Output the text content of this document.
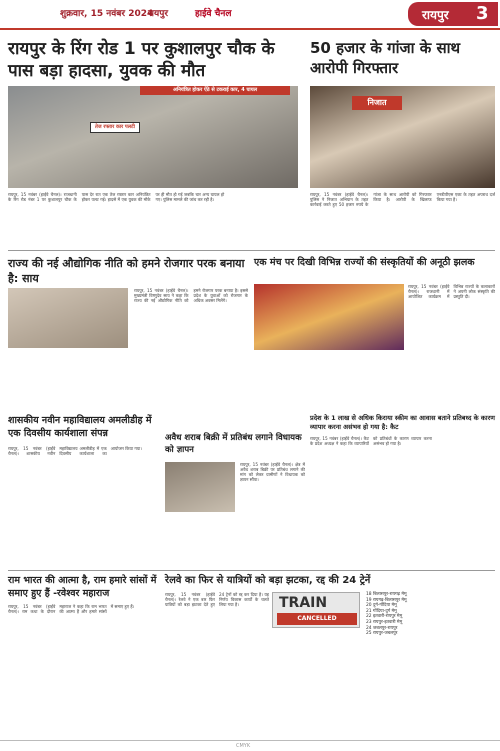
शुक्रवार, 15 नवंबर 2024
रायपुर	हाईवे चैनल	रायपुर 3
रायपुर के रिंग रोड 1 पर कुशालपुर चौक के पास बड़ा हादसा, युवक की मौत
अनियंत्रित होकर ऐंठे से टकराई कार, 4 घायल
तेज रफ्तार कार पलटी
रायपुर, 15 नवंबर (हाईवे चैनल)। राजधानी के रिंग रोड नंबर 1 पर कुशालपुर चौक के पास देर रात एक तेज रफ्तार कार अनियंत्रित होकर पलट गई। हादसे में एक युवक की मौके पर ही मौत हो गई जबकि चार अन्य घायल हो गए। पुलिस मामले की जांच कर रही है।
50 हजार के गांजा के साथ आरोपी गिरफ्तार
निजात
रायपुर, 15 नवंबर (हाईवे चैनल)। पुलिस ने निजात अभियान के तहत कार्रवाई करते हुए 50 हजार रुपये के गांजा के साथ आरोपी को गिरफ्तार किया है। आरोपी के खिलाफ एनडीपीएस एक्ट के तहत अपराध दर्ज किया गया है।
राज्य की नई औद्योगिक नीति को हमने रोजगार परक बनाया है: साय
रायपुर, 15 नवंबर (हाईवे चैनल)। मुख्यमंत्री विष्णुदेव साय ने कहा कि राज्य की नई औद्योगिक नीति को हमने रोजगार परक बनाया है। इससे प्रदेश के युवाओं को रोजगार के अधिक अवसर मिलेंगे।
एक मंच पर दिखी विभिन्न राज्यों की संस्कृतियों की अनूठी झलक
रायपुर, 15 नवंबर (हाईवे चैनल)। राजधानी में आयोजित कार्यक्रम में विभिन्न राज्यों के कलाकारों ने अपनी लोक संस्कृति की प्रस्तुति दी।
शासकीय नवीन महाविद्यालय अमलीडीह में एक दिवसीय कार्यशाला संपन्न
रायपुर, 15 नवंबर (हाईवे चैनल)। शासकीय नवीन महाविद्यालय अमलीडीह में एक दिवसीय कार्यशाला का आयोजन किया गया।
अवैध शराब बिक्री में प्रतिबंध लगाने विधायक को ज्ञापन
रायपुर, 15 नवंबर (हाईवे चैनल)। क्षेत्र में अवैध शराब बिक्री पर प्रतिबंध लगाने की मांग को लेकर ग्रामीणों ने विधायक को ज्ञापन सौंपा।
प्रदेश के 1 लाख से अधिक किराया स्कीम का आवास बताने प्रतिबध्द के कारण व्यापार करना असंभव हो गया है: कैट
रायपुर, 15 नवंबर (हाईवे चैनल)। कैट के प्रदेश अध्यक्ष ने कहा कि व्यापारियों को प्रतिबंधों के कारण व्यापार करना असंभव हो गया है।
राम भारत की आत्मा है, राम हमारे सांसों में समाए हुए हैं -रवेश्वर महाराज
रायपुर, 15 नवंबर (हाईवे चैनल)। राम कथा के दौरान महाराज ने कहा कि राम भारत की आत्मा हैं और हमारे सांसों में समाए हुए हैं।
रेलवे का फिर से यात्रियों को बड़ा झटका, रद्द की 24 ट्रेनें
रायपुर, 15 नवंबर (हाईवे चैनल)। रेलवे ने एक बार फिर यात्रियों को बड़ा झटका देते हुए 24 ट्रेनों को रद्द कर दिया है। यह निर्णय विकास कार्यों के चलते लिया गया है।	TRAIN
CANCELLED
18 बिलासपुर-रायगढ़ मेमू
19 रायगढ़-बिलासपुर मेमू
20 दुर्ग-गोंदिया मेमू
21 गोंदिया-दुर्ग मेमू
22 इतवारी-रायपुर मेमू
23 रायपुर-इतवारी मेमू
24 जबलपुर-रायपुर
25 रायपुर-जबलपुर
CMYK
